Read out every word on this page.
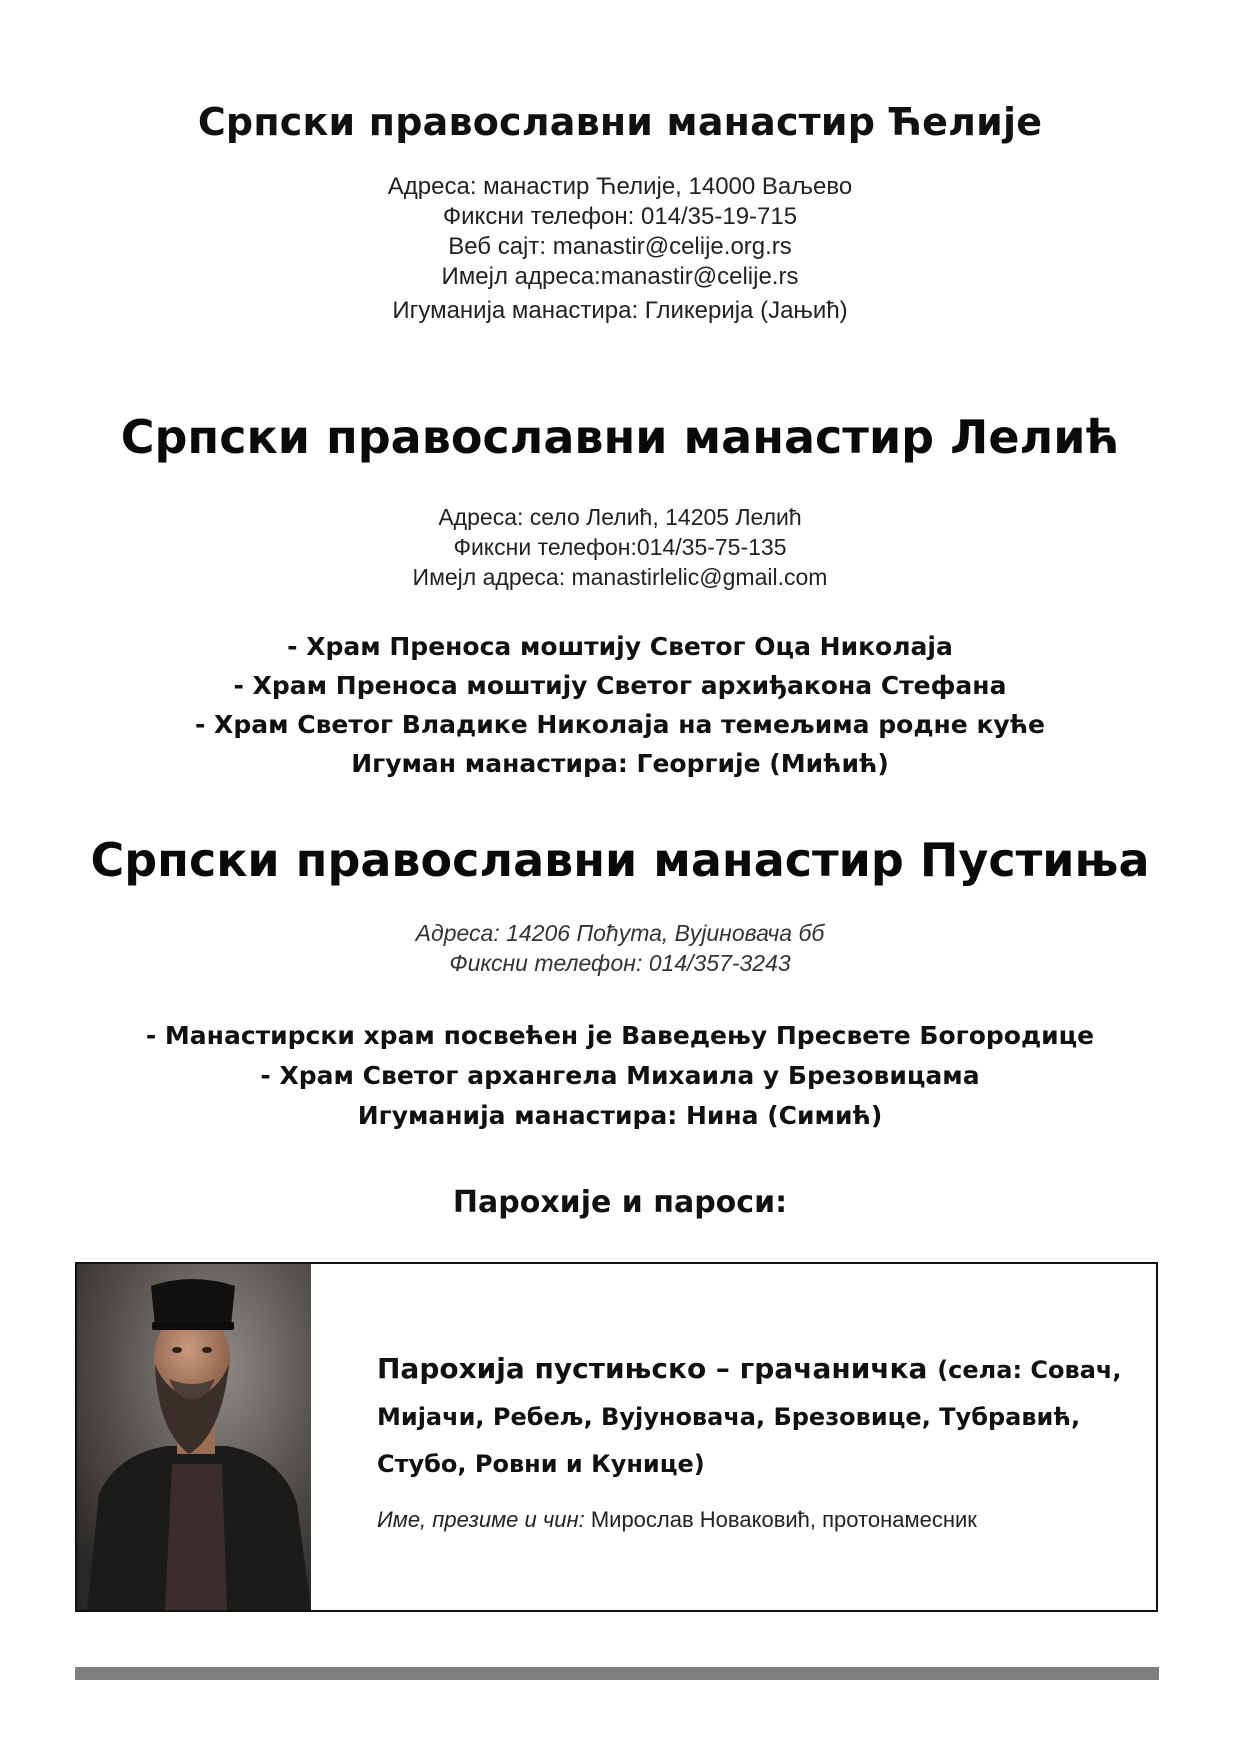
Српски православни манастир Ћелије
Адреса: манастир Ћелије, 14000 Ваљево
Фиксни телефон: 014/35-19-715
Веб сајт: manastir@celije.org.rs
Имејл адреса:manastir@celije.rs
Игуманија манастира: Гликерија (Јањић)
Српски православни манастир Лелић
Адреса: село Лелић, 14205 Лелић
Фиксни телефон:014/35-75-135
Имејл адреса: manastirlelic@gmail.com
- Храм Преноса моштију Светог Оца Николаја
- Храм Преноса моштију Светог архиђакона Стефана
- Храм Светог Владике Николаја на темељима родне куће
Игуман манастира: Георгије (Мићић)
Српски православни манастир Пустиња
Адреса: 14206 Поћута, Вујиновача бб
Фиксни телефон: 014/357-3243
- Манастирски храм посвећен је Ваведењу Пресвете Богородице
- Храм Светог архангела Михаила у Брезовицама
Игуманија манастира: Нина (Симић)
Парохије и пароси:
Парохија пустињско – грачаничка (села: Совач, Мијачи, Ребељ, Вујуновача, Брезовице, Тубравић, Стубо, Ровни и Кунице)
Име, презиме и чин: Мирослав Новаковић, протонамесник
